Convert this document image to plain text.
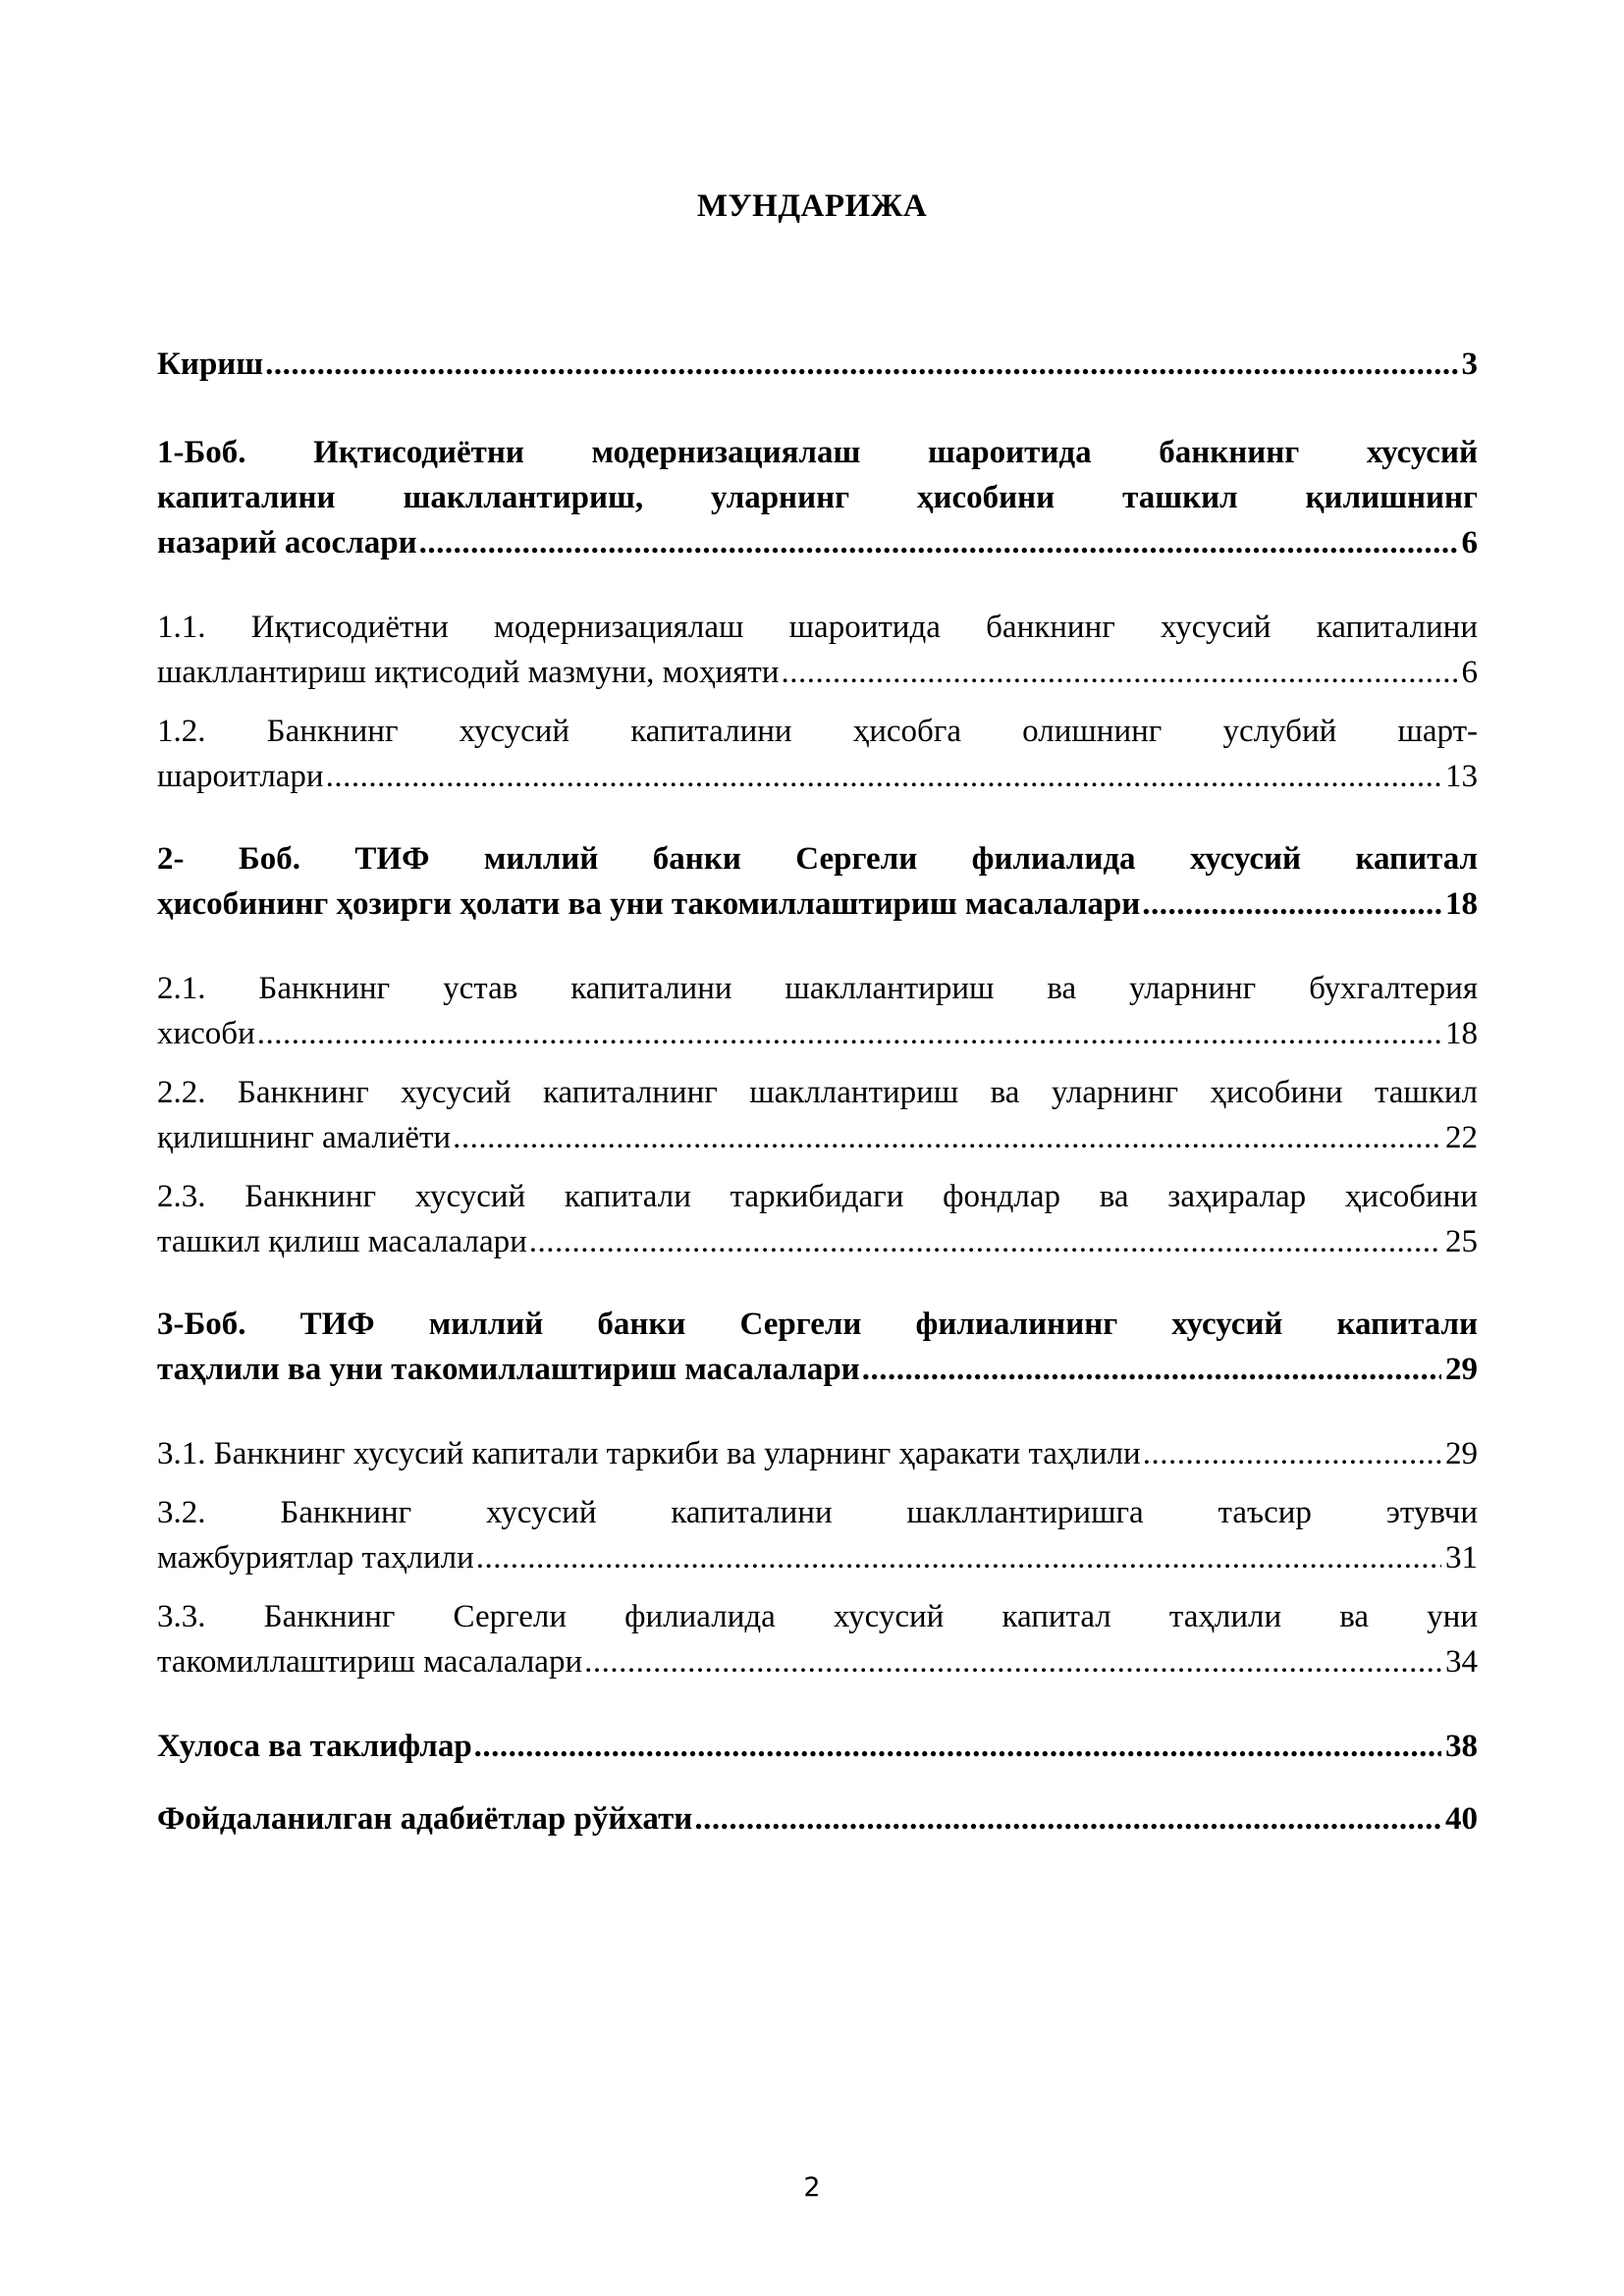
МУНДАРИЖА
Кириш .....	3
1-Боб. Иқтисодиётни модернизациялаш шароитида банкнинг хусусий
капиталини шакллантириш, уларнинг ҳисобини ташкил қилишнинг
назарий асослари .....	6
1.1. Иқтисодиётни модернизациялаш шароитида банкнинг хусусий капиталини
шакллантириш иқтисодий мазмуни, моҳияти .....	6
1.2. Банкнинг хусусий капиталини ҳисобга олишнинг услубий шарт-
шароитлари .....	13
2- Боб. ТИФ миллий банки Сергели филиалида хусусий капитал
ҳисобининг ҳозирги ҳолати ва уни такомиллаштириш масалалари .....	18
2.1. Банкнинг устав капиталини шакллантириш ва уларнинг бухгалтерия
хисоби .....	18
2.2. Банкнинг хусусий капиталнинг шакллантириш ва уларнинг ҳисобини ташкил
қилишнинг амалиёти .....	22
2.3. Банкнинг хусусий капитали таркибидаги фондлар ва заҳиралар ҳисобини
ташкил қилиш масалалари .....	25
3-Боб. ТИФ миллий банки Сергели филиалининг хусусий капитали
таҳлили ва уни такомиллаштириш масалалари .....	29
3.1. Банкнинг хусусий капитали таркиби ва уларнинг ҳаракати таҳлили .....	29
3.2. Банкнинг хусусий капиталини шакллантиришга таъсир этувчи
мажбуриятлар таҳлили .....	31
3.3. Банкнинг Сергели филиалида хусусий капитал таҳлили ва уни
такомиллаштириш масалалари .....	34
Хулоса ва таклифлар .....	38
Фойдаланилган адабиётлар рўйхати .....	40
2
